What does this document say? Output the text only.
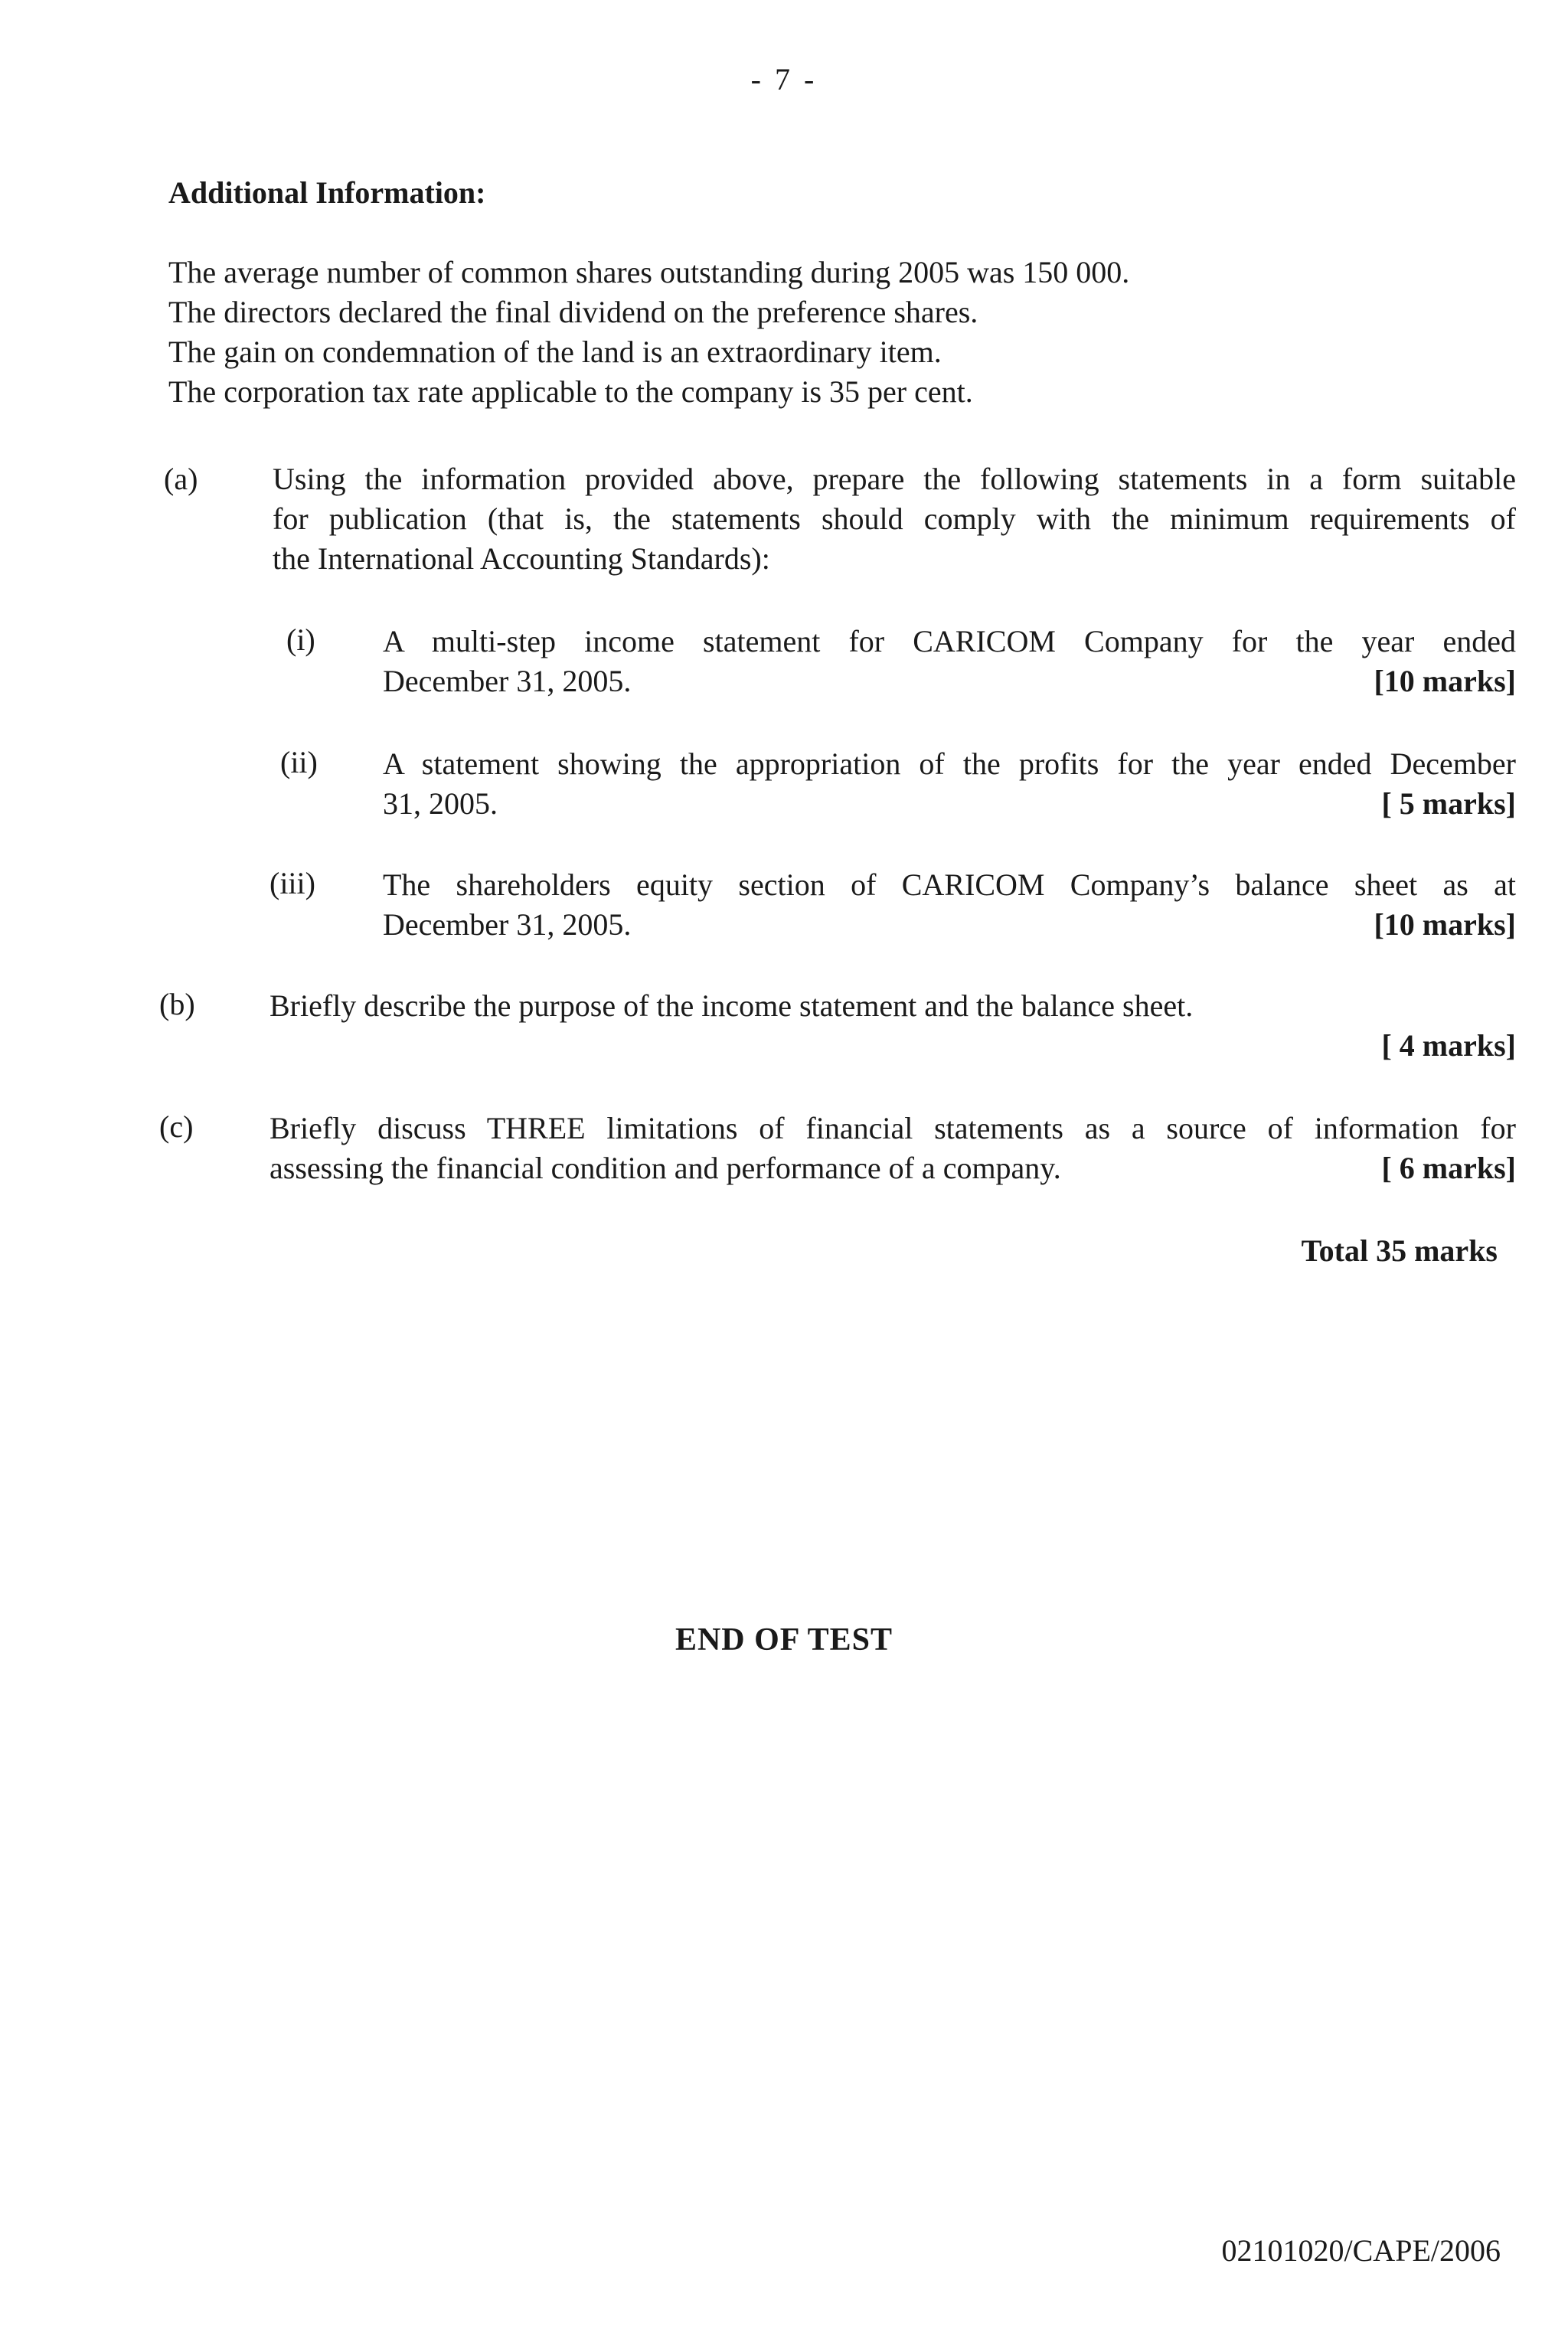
- 7 -
Additional Information:
The average number of common shares outstanding during 2005 was 150 000.
The directors declared the final dividend on the preference shares.
The gain on condemnation of the land is an extraordinary item.
The corporation tax rate applicable to the company is 35 per cent.
(a) Using the information provided above, prepare the following statements in a form suitable
for publication (that is, the statements should comply with the minimum requirements of
the International Accounting Standards):
(i) A multi-step income statement for CARICOM Company for the year ended
December 31, 2005.	[10 marks]
(ii) A statement showing the appropriation of the profits for the year ended December
31, 2005.	[ 5 marks]
(iii) The shareholders equity section of CARICOM Company’s balance sheet as at
December 31, 2005.	[10 marks]
(b) Briefly describe the purpose of the income statement and the balance sheet.
[ 4 marks]
(c) Briefly discuss THREE limitations of financial statements as a source of information for
assessing the financial condition and performance of a company.	[ 6 marks]
Total 35 marks
END OF TEST
02101020/CAPE/2006
